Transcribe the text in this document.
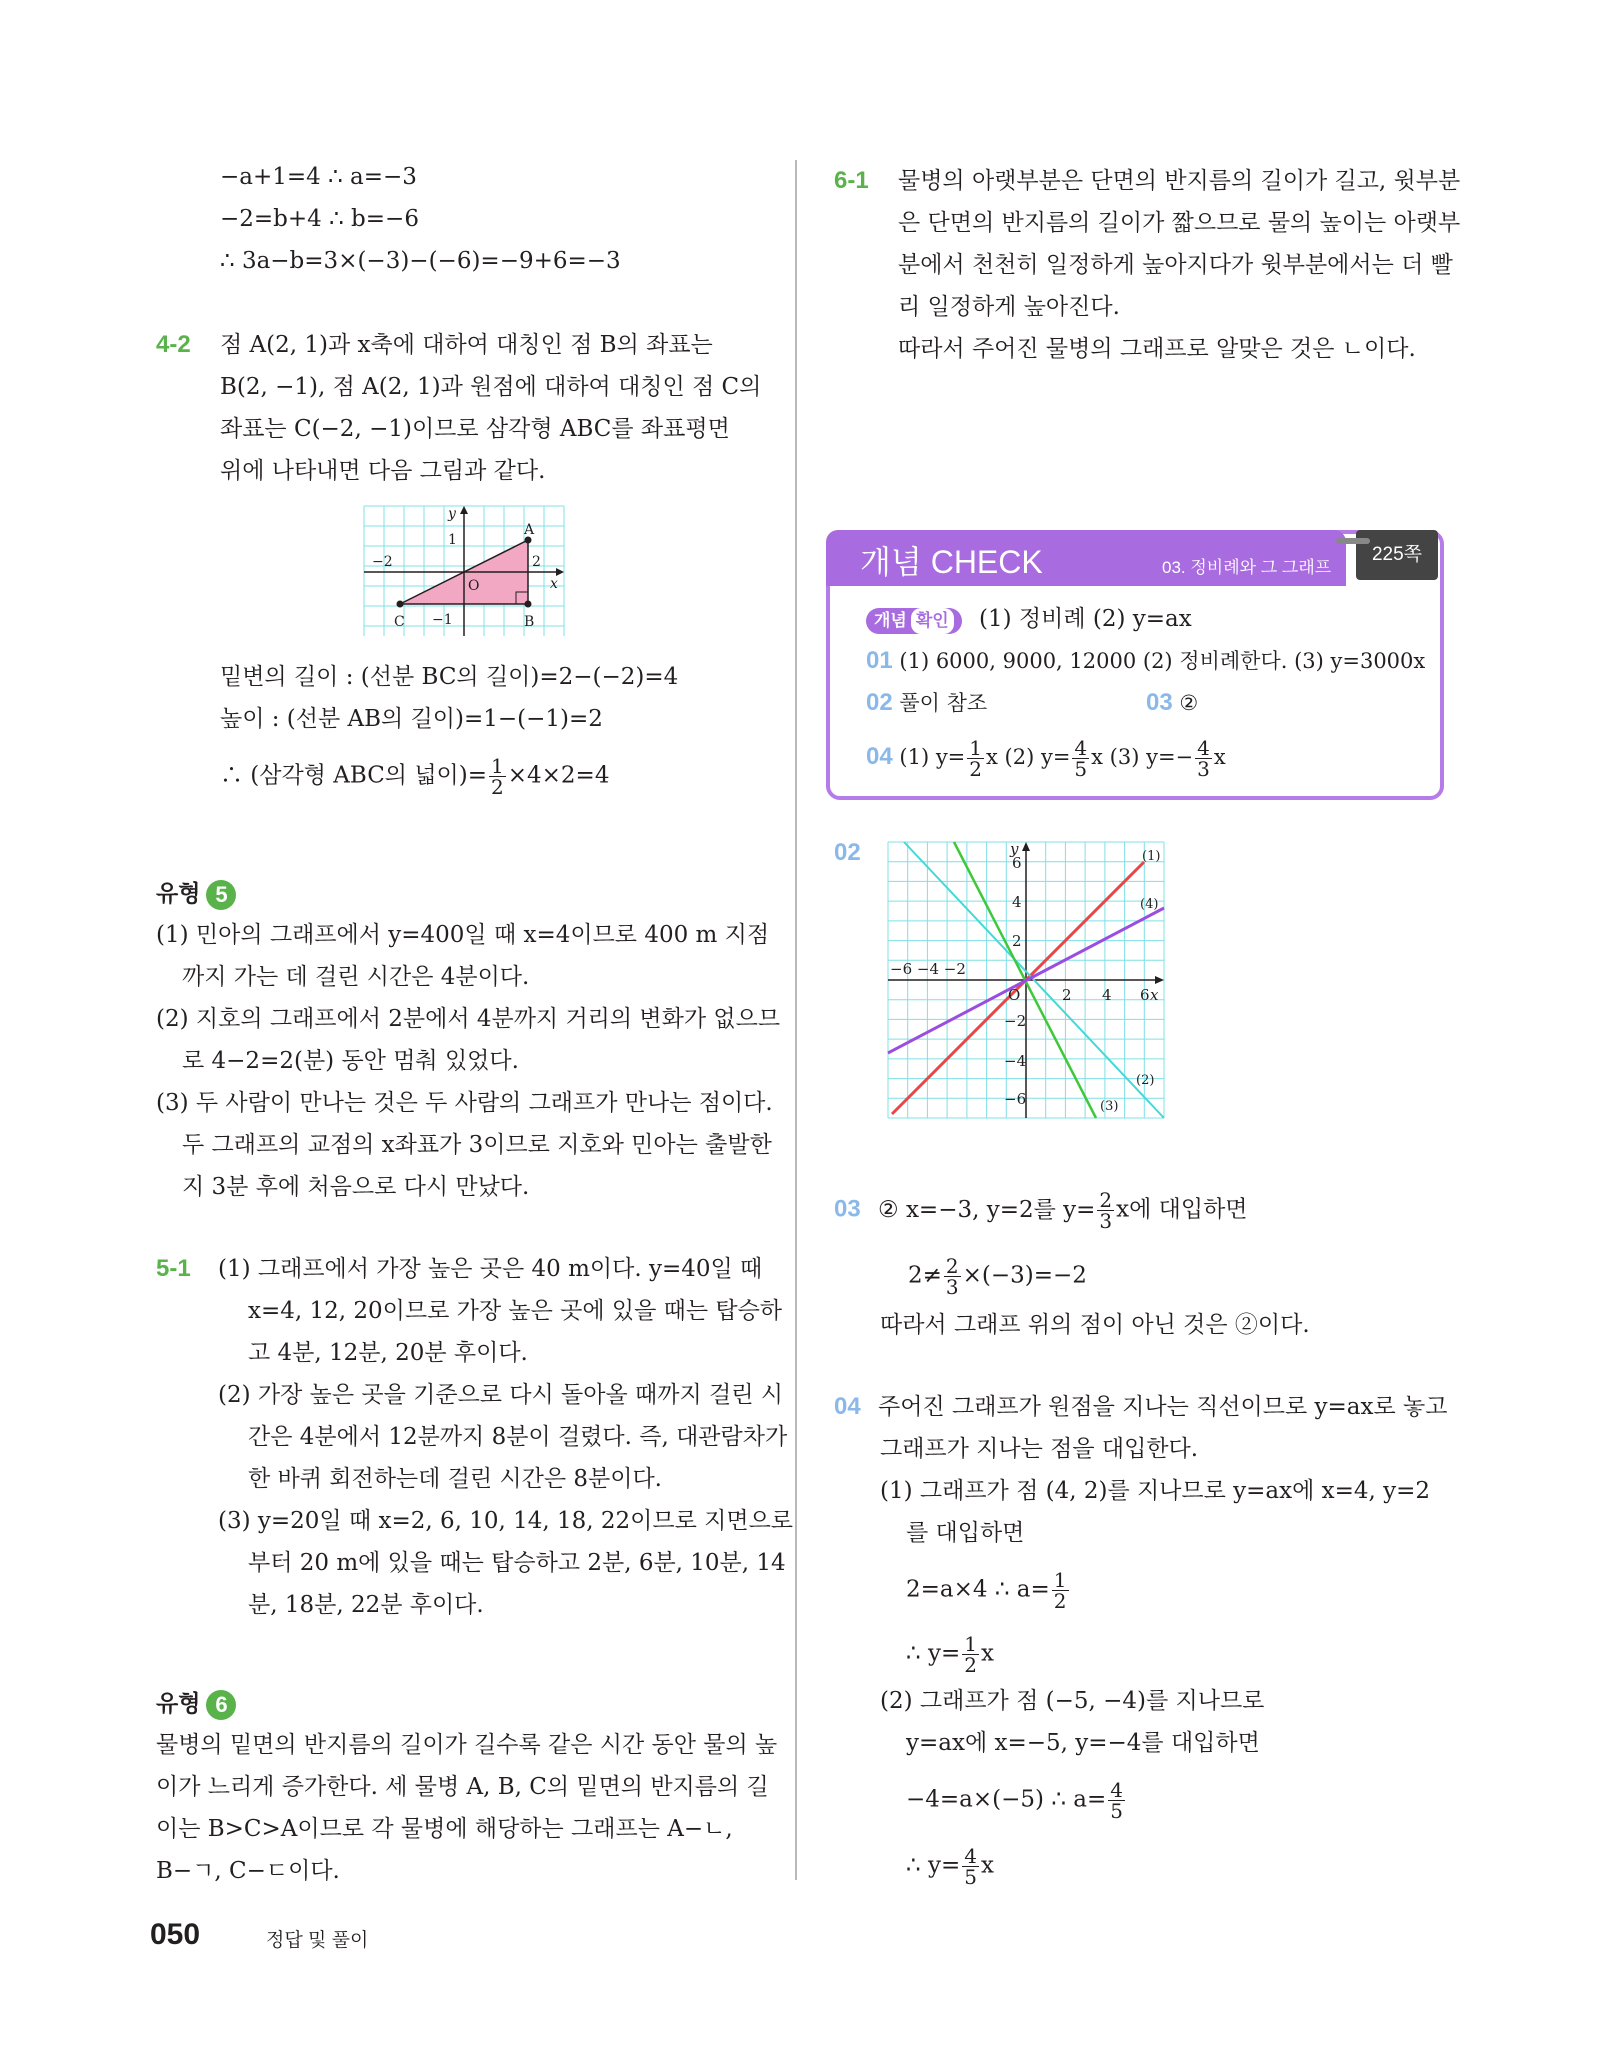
−a+1=4 ∴ a=−3
−2=b+4 ∴ b=−6
∴ 3a−b=3×(−3)−(−6)=−9+6=−3
4-2 점 A(2, 1)과 x축에 대하여 대칭인 점 B의 좌표는
B(2, −1), 점 A(2, 1)과 원점에 대하여 대칭인 점 C의
좌표는 C(−2, −1)이므로 삼각형 ABC를 좌표평면
위에 나타내면 다음 그림과 같다.
y
x
1
−2	2
O
−1
A
B
C
밑변의 길이 : (선분 BC의 길이)=2−(−2)=4
높이 : (선분 AB의 길이)=1−(−1)=2
∴ (삼각형 ABC의 넓이)= $\frac{1}{2} \times 4\times 2=4$
유형 5
(1) 민아의 그래프에서 y=400일 때 x=4이므로 400 m 지점
까지 가는 데 걸린 시간은 4분이다.
(2) 지호의 그래프에서 2분에서 4분까지 거리의 변화가 없으므
로 4−2=2(분) 동안 멈춰 있었다.
(3) 두 사람이 만나는 것은 두 사람의 그래프가 만나는 점이다.
두 그래프의 교점의 x좌표가 3이므로 지호와 민아는 출발한
지 3분 후에 처음으로 다시 만났다.
5-1 (1) 그래프에서 가장 높은 곳은 40 m이다. y=40일 때
x=4, 12, 20이므로 가장 높은 곳에 있을 때는 탑승하
고 4분, 12분, 20분 후이다.
(2) 가장 높은 곳을 기준으로 다시 돌아올 때까지 걸린 시
간은 4분에서 12분까지 8분이 걸렸다. 즉, 대관람차가
한 바퀴 회전하는데 걸린 시간은 8분이다.
(3) y=20일 때 x=2, 6, 10, 14, 18, 22이므로 지면으로
부터 20 m에 있을 때는 탑승하고 2분, 6분, 10분, 14
분, 18분, 22분 후이다.
유형 6
물병의 밑면의 반지름의 길이가 길수록 같은 시간 동안 물의 높
이가 느리게 증가한다. 세 물병 A, B, C의 밑면의 반지름의 길
이는 B>C>A이므로 각 물병에 해당하는 그래프는 A−ㄴ,
B−ㄱ, C−ㄷ이다.
6-1 물병의 아랫부분은 단면의 반지름의 길이가 길고, 윗부분
은 단면의 반지름의 길이가 짧으므로 물의 높이는 아랫부
분에서 천천히 일정하게 높아지다가 윗부분에서는 더 빨
리 일정하게 높아진다.
따라서 주어진 물병의 그래프로 알맞은 것은 ㄴ이다.
개념 CHECK	03. 정비례와 그 그래프
225쪽
개념 확인 (1) 정비례 (2) y=ax
01 (1) 6000, 9000, 12000 (2) 정비례한다. (3) y=3000x
02 풀이 참조	03 ②
04 (1) $y= \frac{1}{2}$ x (2) $y= \frac{4}{5}$ x (3) $y=- \frac{4}{3}$ x
02	y
x
O
6
4
2
−2
−4
−6
2 4 6
−6 −4 −2
(1)
(4)
(2)
(3)
03 ② x=−3, y=2를 $y= \frac{2}{3}$ x에 대입하면
$2\ne \frac{2}{3} \times(-3)=-2$
따라서 그래프 위의 점이 아닌 것은 ②이다.
04 주어진 그래프가 원점을 지나는 직선이므로 y=ax로 놓고
그래프가 지나는 점을 대입한다.
(1) 그래프가 점 (4, 2)를 지나므로 y=ax에 x=4, y=2
를 대입하면
2=a×4 ∴ $a= \frac{1}{2}$
∴ $y= \frac{1}{2}$ x
(2) 그래프가 점 (−5, −4)를 지나므로
y=ax에 x=−5, y=−4를 대입하면
−4=a×(−5) ∴ $a= \frac{4}{5}$
∴ $y= \frac{4}{5}$ x
050	정답 및 풀이
